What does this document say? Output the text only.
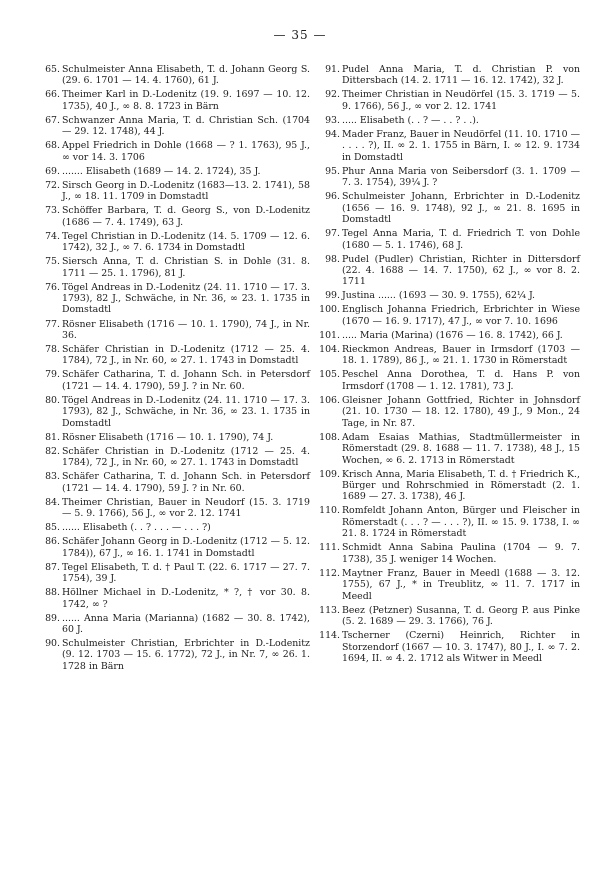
— 35 —
65. Schulmeister Anna Elisabeth, T. d. Johann Georg S. (29. 6. 1701 — 14. 4. 1760), 61 J.
66. Theimer Karl in D.-Lodenitz (19. 9. 1697 — 10. 12. 1735), 40 J., ∞ 8. 8. 1723 in Bärn
67. Schwanzer Anna Maria, T. d. Christian Sch. (1704 — 29. 12. 1748), 44 J.
68. Appel Friedrich in Dohle (1668 — ? 1. 1763), 95 J., ∞ vor 14. 3. 1706
69. ....... Elisabeth (1689 — 14. 2. 1724), 35 J.
72. Sirsch Georg in D.-Lodenitz (1683—13. 2. 1741), 58 J., ∞ 18. 11. 1709 in Domstadtl
73. Schöffer Barbara, T. d. Georg S., von D.-Lodenitz (1686 — 7. 4. 1749), 63 J.
74. Tegel Christian in D.-Lodenitz (14. 5. 1709 — 12. 6. 1742), 32 J., ∞ 7. 6. 1734 in Domstadtl
75. Siersch Anna, T. d. Christian S. in Dohle (31. 8. 1711 — 25. 1. 1796), 81 J.
76. Tögel Andreas in D.-Lodenitz (24. 11. 1710 — 17. 3. 1793), 82 J., Schwäche, in Nr. 36, ∞ 23. 1. 1735 in Domstadtl
77. Rösner Elisabeth (1716 — 10. 1. 1790), 74 J., in Nr. 36.
78. Schäfer Christian in D.-Lodenitz (1712 — 25. 4. 1784), 72 J., in Nr. 60, ∞ 27. 1. 1743 in Domstadtl
79. Schäfer Catharina, T. d. Johann Sch. in Petersdorf (1721 — 14. 4. 1790), 59 J. ? in Nr. 60.
80. Tögel Andreas in D.-Lodenitz (24. 11. 1710 — 17. 3. 1793), 82 J., Schwäche, in Nr. 36, ∞ 23. 1. 1735 in Domstadtl
81. Rösner Elisabeth (1716 — 10. 1. 1790), 74 J.
82. Schäfer Christian in D.-Lodenitz (1712 — 25. 4. 1784), 72 J., in Nr. 60, ∞ 27. 1. 1743 in Domstadtl
83. Schäfer Catharina, T. d. Johann Sch. in Petersdorf (1721 — 14. 4. 1790), 59 J. ? in Nr. 60.
84. Theimer Christian, Bauer in Neudorf (15. 3. 1719 — 5. 9. 1766), 56 J., ∞ vor 2. 12. 1741
85. ...... Elisabeth (. . ? . . . — . . . ?)
86. Schäfer Johann Georg in D.-Lodenitz (1712 — 5. 12. 1784)), 67 J., ∞ 16. 1. 1741 in Domstadtl
87. Tegel Elisabeth, T. d. † Paul T. (22. 6. 1717 — 27. 7. 1754), 39 J.
88. Höllner Michael in D.-Lodenitz, * ?, † vor 30. 8. 1742, ∞ ?
89. ...... Anna Maria (Marianna) (1682 — 30. 8. 1742), 60 J.
90. Schulmeister Christian, Erbrichter in D.-Lodenitz (9. 12. 1703 — 15. 6. 1772), 72 J., in Nr. 7, ∞ 26. 1. 1728 in Bärn
91. Pudel Anna Maria, T. d. Christian P. von Dittersbach (14. 2. 1711 — 16. 12. 1742), 32 J.
92. Theimer Christian in Neudörfel (15. 3. 1719 — 5. 9. 1766), 56 J., ∞ vor 2. 12. 1741
93. ..... Elisabeth (. . ? — . . ? . .).
94. Mader Franz, Bauer in Neudörfel (11. 10. 1710 — . . . . ?), II. ∞ 2. 1. 1755 in Bärn, I. ∞ 12. 9. 1734 in Domstadtl
95. Phur Anna Maria von Seibersdorf (3. 1. 1709 — 7. 3. 1754), 39¼ J. ?
96. Schulmeister Johann, Erbrichter in D.-Lodenitz (1656 — 16. 9. 1748), 92 J., ∞ 21. 8. 1695 in Domstadtl
97. Tegel Anna Maria, T. d. Friedrich T. von Dohle (1680 — 5. 1. 1746), 68 J.
98. Pudel (Pudler) Christian, Richter in Dittersdorf (22. 4. 1688 — 14. 7. 1750), 62 J., ∞ vor 8. 2. 1711
99. Justina ...... (1693 — 30. 9. 1755), 62¼ J.
100. Englisch Johanna Friedrich, Erbrichter in Wiese (1670 — 16. 9. 1717), 47 J., ∞ vor 7. 10. 1696
101. ..... Maria (Marina) (1676 — 16. 8. 1742), 66 J.
104. Rieckmon Andreas, Bauer in Irmsdorf (1703 — 18. 1. 1789), 86 J., ∞ 21. 1. 1730 in Römerstadt
105. Peschel Anna Dorothea, T. d. Hans P. von Irmsdorf (1708 — 1. 12. 1781), 73 J.
106. Gleisner Johann Gottfried, Richter in Johnsdorf (21. 10. 1730 — 18. 12. 1780), 49 J., 9 Mon., 24 Tage, in Nr. 87.
108. Adam Esaias Mathias, Stadtmüllermeister in Römerstadt (29. 8. 1688 — 11. 7. 1738), 48 J., 15 Wochen, ∞ 6. 2. 1713 in Römerstadt
109. Krisch Anna, Maria Elisabeth, T. d. † Friedrich K., Bürger und Rohrschmied in Römerstadt (2. 1. 1689 — 27. 3. 1738), 46 J.
110. Romfeldt Johann Anton, Bürger und Fleischer in Römerstadt (. . . ? — . . . ?), II. ∞ 15. 9. 1738, I. ∞ 21. 8. 1724 in Römerstadt
111. Schmidt Anna Sabina Paulina (1704 — 9. 7. 1738), 35 J. weniger 14 Wochen.
112. Maytner Franz, Bauer in Meedl (1688 — 3. 12. 1755), 67 J., * in Treublitz, ∞ 11. 7. 1717 in Meedl
113. Beez (Petzner) Susanna, T. d. Georg P. aus Pinke (5. 2. 1689 — 29. 3. 1766), 76 J.
114. Tscherner (Czerni) Heinrich, Richter in Storzendorf (1667 — 10. 3. 1747), 80 J., I. ∞ 7. 2. 1694, II. ∞ 4. 2. 1712 als Witwer in Meedl
